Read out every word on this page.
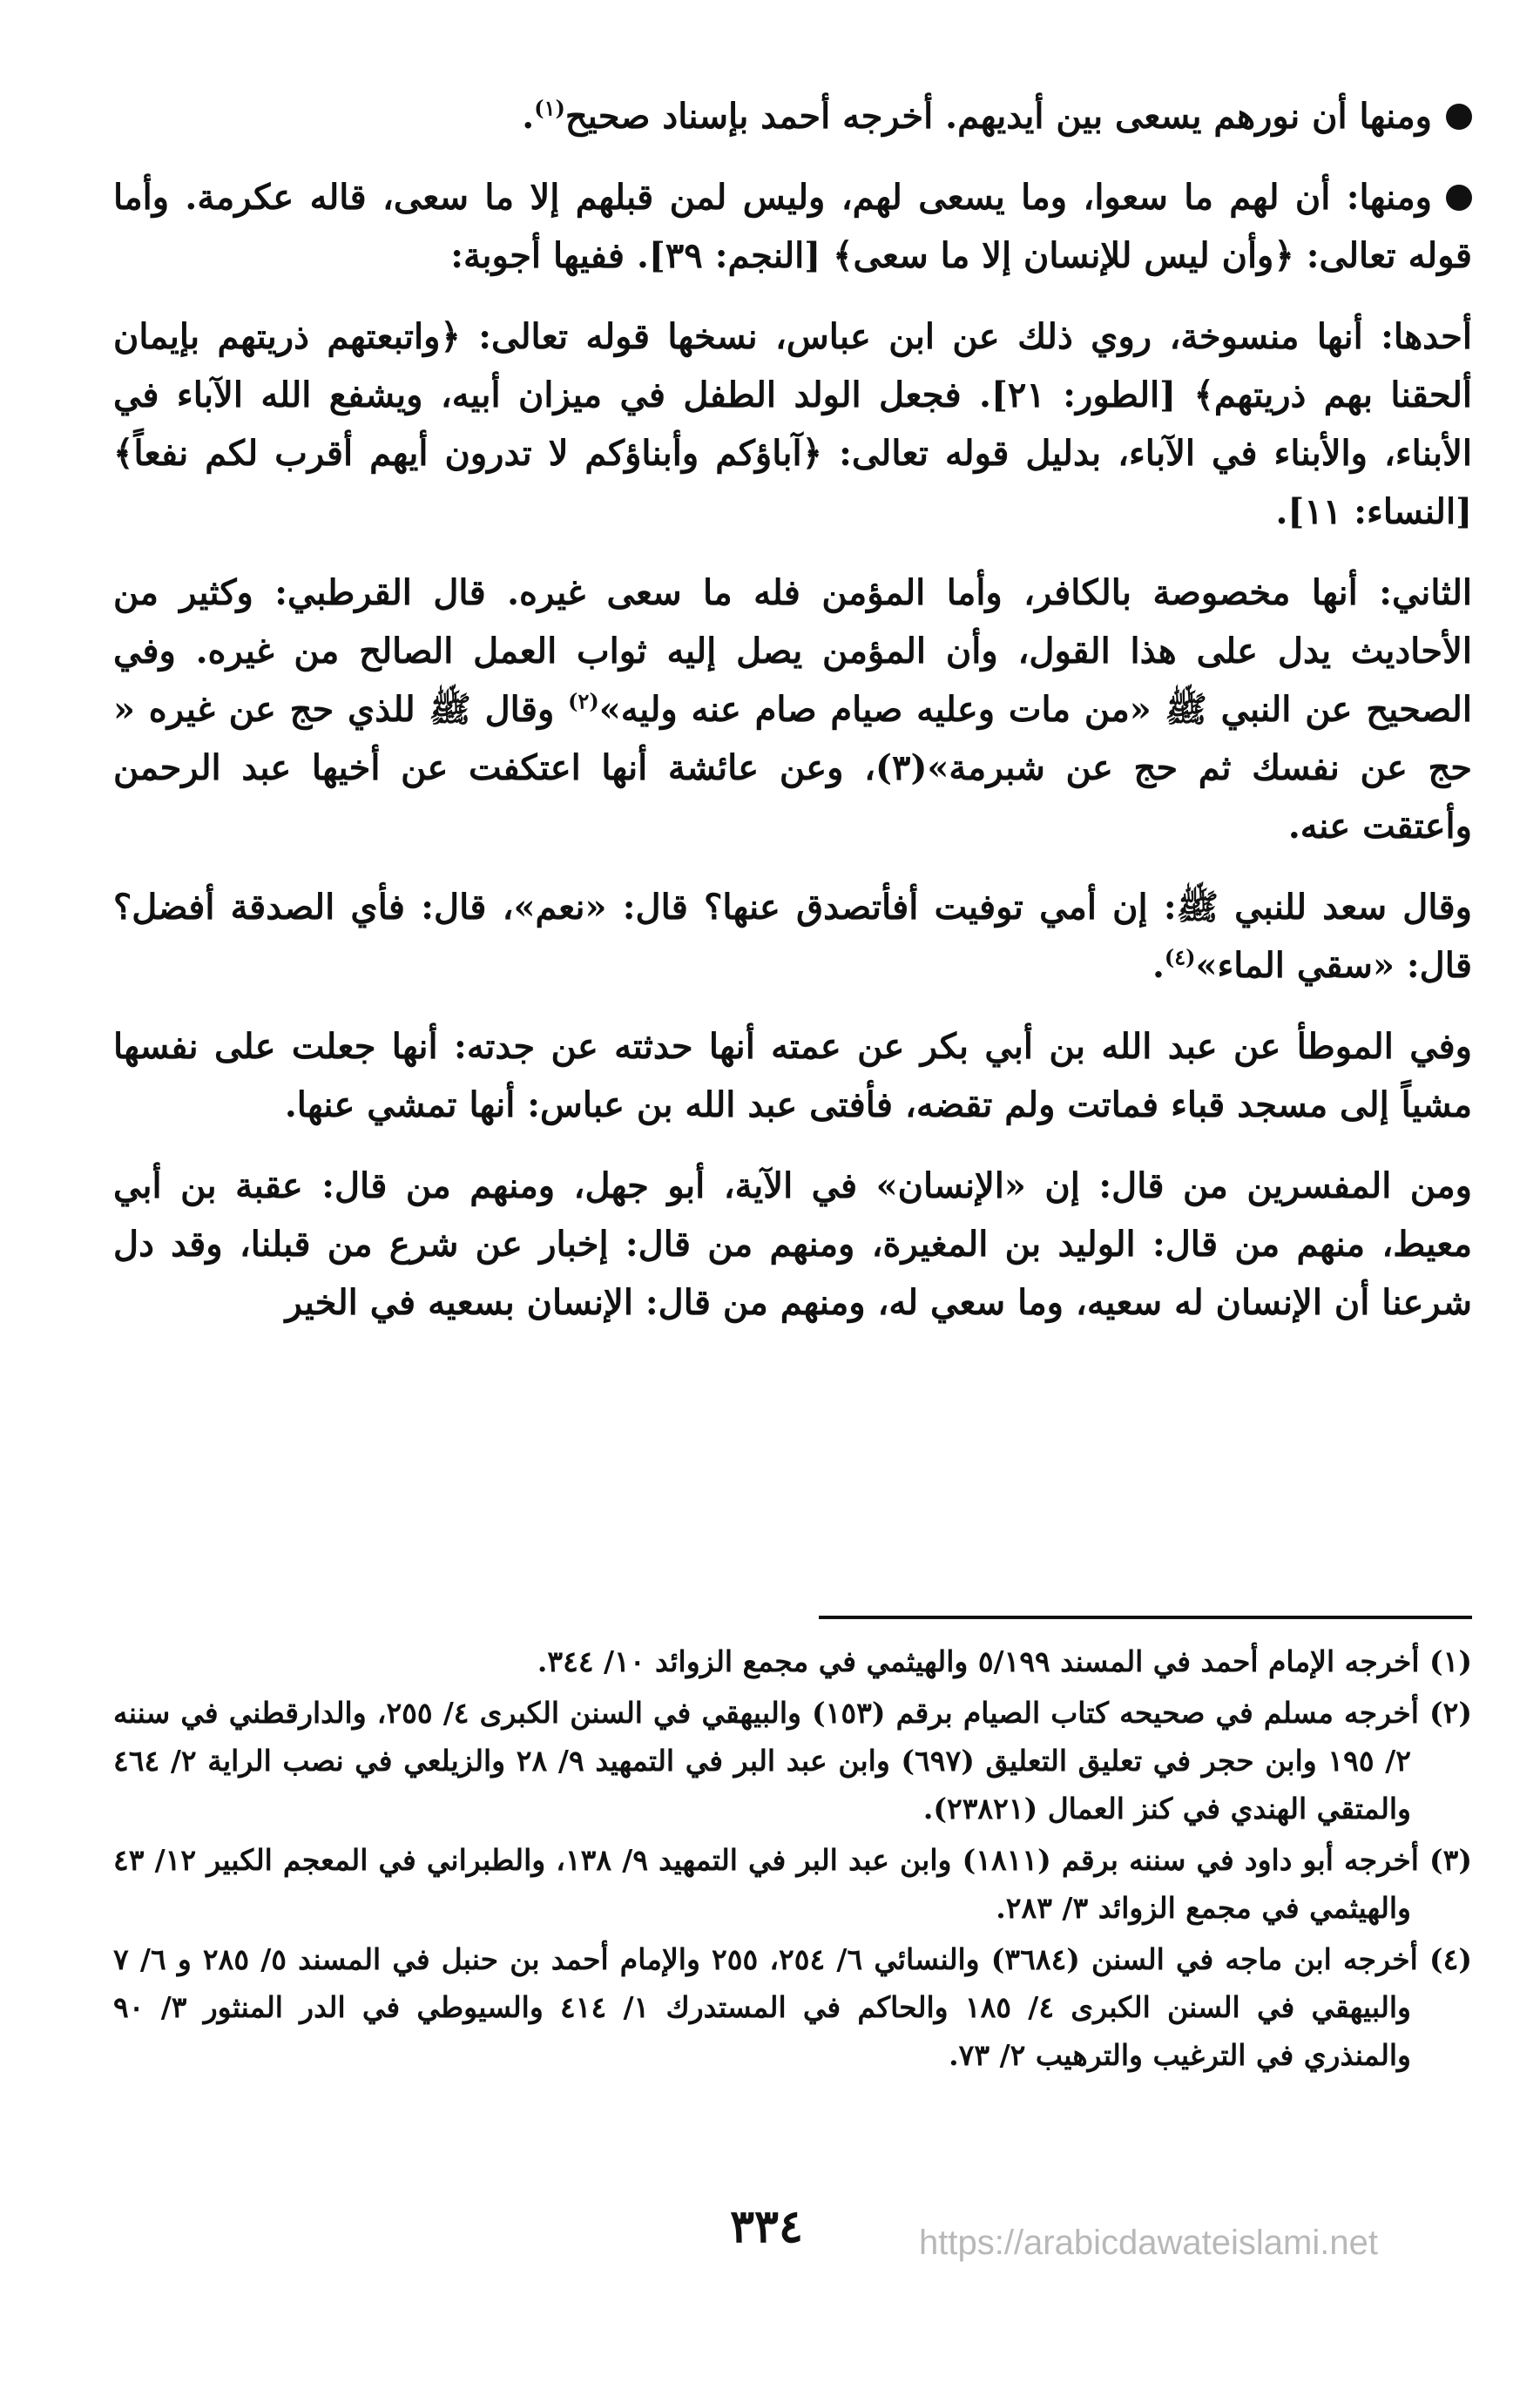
ومنها أن نورهم يسعى بين أيديهم. أخرجه أحمد بإسناد صحيح$^{(١)}$.

ومنها: أن لهم ما سعوا، وما يسعى لهم، وليس لمن قبلهم إلا ما سعى، قاله عكرمة. وأما قوله تعالى: ﴿وأن ليس للإنسان إلا ما سعى﴾ [النجم: ٣٩]. ففيها أجوبة:

أحدها: أنها منسوخة، روي ذلك عن ابن عباس، نسخها قوله تعالى: ﴿واتبعتهم ذريتهم بإيمان ألحقنا بهم ذريتهم﴾ [الطور: ٢١]. فجعل الولد الطفل في ميزان أبيه، ويشفع الله الآباء في الأبناء، والأبناء في الآباء، بدليل قوله تعالى: ﴿آباؤكم وأبناؤكم لا تدرون أيهم أقرب لكم نفعاً﴾ [النساء: ١١].

الثاني: أنها مخصوصة بالكافر، وأما المؤمن فله ما سعى غيره. قال القرطبي: وكثير من الأحاديث يدل على هذا القول، وأن المؤمن يصل إليه ثواب العمل الصالح من غيره. وفي الصحيح عن النبي ﷺ «من مات وعليه صيام صام عنه وليه»$^{(٢)}$ وقال ﷺ للذي حج عن غيره « حج عن نفسك ثم حج عن شبرمة»(٣)، وعن عائشة أنها اعتكفت عن أخيها عبد الرحمن وأعتقت عنه.

وقال سعد للنبي ﷺ: إن أمي توفيت أفأتصدق عنها؟ قال: «نعم»، قال: فأي الصدقة أفضل؟ قال: «سقي الماء»$^{(٤)}$.

وفي الموطأ عن عبد الله بن أبي بكر عن عمته أنها حدثته عن جدته: أنها جعلت على نفسها مشياً إلى مسجد قباء فماتت ولم تقضه، فأفتى عبد الله بن عباس: أنها تمشي عنها.

ومن المفسرين من قال: إن «الإنسان» في الآية، أبو جهل، ومنهم من قال: عقبة بن أبي معيط، منهم من قال: الوليد بن المغيرة، ومنهم من قال: إخبار عن شرع من قبلنا، وقد دل شرعنا أن الإنسان له سعيه، وما سعي له، ومنهم من قال: الإنسان بسعيه في الخير

(١) أخرجه الإمام أحمد في المسند ٥/١٩٩ والهيثمي في مجمع الزوائد ١٠/ ٣٤٤.

(٢) أخرجه مسلم في صحيحه كتاب الصيام برقم (١٥٣) والبيهقي في السنن الكبرى ٤/ ٢٥٥، والدارقطني في سننه ٢/ ١٩٥ وابن حجر في تعليق التعليق (٦٩٧) وابن عبد البر في التمهيد ٩/ ٢٨ والزيلعي في نصب الراية ٢/ ٤٦٤ والمتقي الهندي في كنز العمال (٢٣٨٢١).

(٣) أخرجه أبو داود في سننه برقم (١٨١١) وابن عبد البر في التمهيد ٩/ ١٣٨، والطبراني في المعجم الكبير ١٢/ ٤٣ والهيثمي في مجمع الزوائد ٣/ ٢٨٣.

(٤) أخرجه ابن ماجه في السنن (٣٦٨٤) والنسائي ٦/ ٢٥٤، ٢٥٥ والإمام أحمد بن حنبل في المسند ٥/ ٢٨٥ و ٦/ ٧ والبيهقي في السنن الكبرى ٤/ ١٨٥ والحاكم في المستدرك ١/ ٤١٤ والسيوطي في الدر المنثور ٣/ ٩٠ والمنذري في الترغيب والترهيب ٢/ ٧٣.

٣٣٤	https://arabicdawateislami.net
